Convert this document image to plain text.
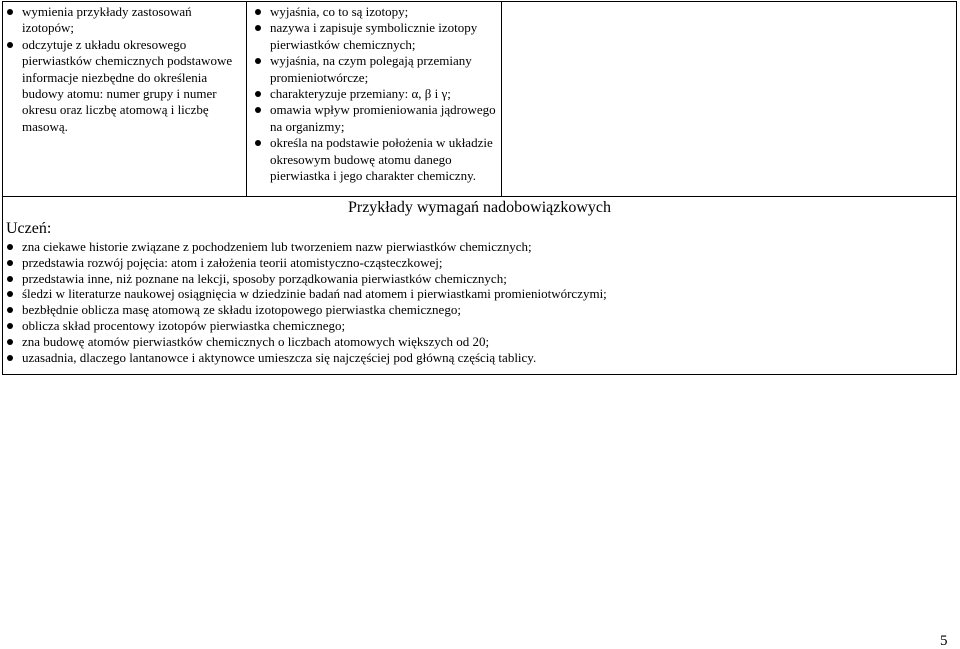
wymienia przykłady zastosowań izotopów;
odczytuje z układu okresowego pierwiastków chemicznych podstawowe informacje niezbędne do określenia budowy atomu: numer grupy i numer okresu oraz liczbę atomową i liczbę masową.
wyjaśnia, co to są izotopy;
nazywa i zapisuje symbolicznie izotopy pierwiastków chemicznych;
wyjaśnia, na czym polegają przemiany promieniotwórcze;
charakteryzuje przemiany: α, β i γ;
omawia wpływ promieniowania jądrowego na organizmy;
określa na podstawie położenia w układzie okresowym budowę atomu danego pierwiastka i jego charakter chemiczny.
Przykłady wymagań nadobowiązkowych
Uczeń:
zna ciekawe historie związane z pochodzeniem lub tworzeniem nazw pierwiastków chemicznych;
przedstawia rozwój pojęcia: atom i założenia teorii atomistyczno-cząsteczkowej;
przedstawia inne, niż poznane na lekcji, sposoby porządkowania pierwiastków chemicznych;
śledzi w literaturze naukowej osiągnięcia w dziedzinie badań nad atomem i pierwiastkami promieniotwórczymi;
bezbłędnie oblicza masę atomową ze składu izotopowego pierwiastka chemicznego;
oblicza skład procentowy izotopów pierwiastka chemicznego;
zna budowę atomów pierwiastków chemicznych o liczbach atomowych większych od 20;
uzasadnia, dlaczego lantanowce i aktynowce umieszcza się najczęściej pod główną częścią tablicy.
5
